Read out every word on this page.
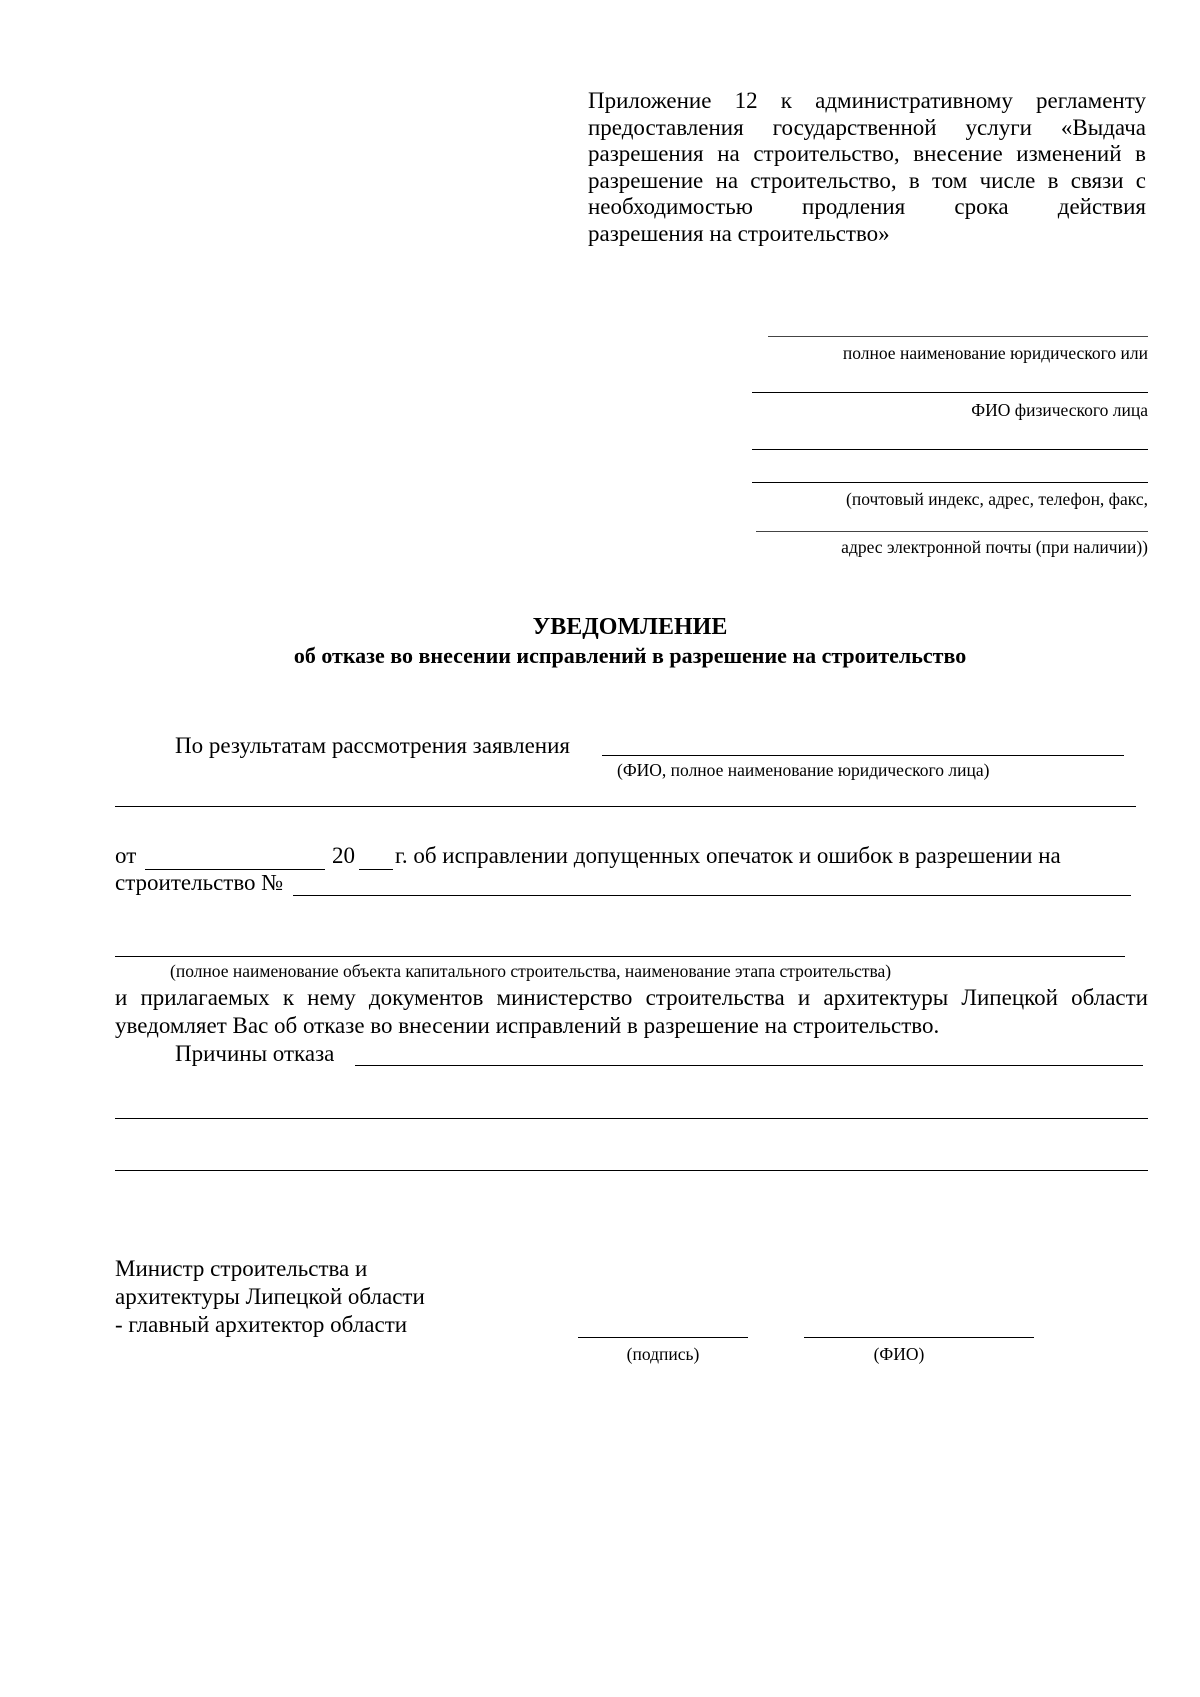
Приложение 12 к административному регламенту
предоставления государственной услуги «Выдача
разрешения на строительство, внесение изменений в
разрешение на строительство, в том числе в связи с
необходимостью продления срока действия
разрешения на строительство»
полное наименование юридического или
ФИО физического лица
(почтовый индекс, адрес, телефон, факс,
адрес электронной почты (при наличии))
УВЕДОМЛЕНИЕ
об отказе во внесении исправлений в разрешение на строительство
По результатам рассмотрения заявления
(ФИО, полное наименование юридического лица)
от	20 г. об исправлении допущенных опечаток и ошибок в разрешении на
строительство №
(полное наименование объекта капитального строительства, наименование этапа строительства)
и прилагаемых к нему документов министерство строительства и архитектуры Липецкой области
уведомляет Вас об отказе во внесении исправлений в разрешение на строительство.
Причины отказа
Министр строительства и
архитектуры Липецкой области
- главный архитектор области
(подпись)	(ФИО)
